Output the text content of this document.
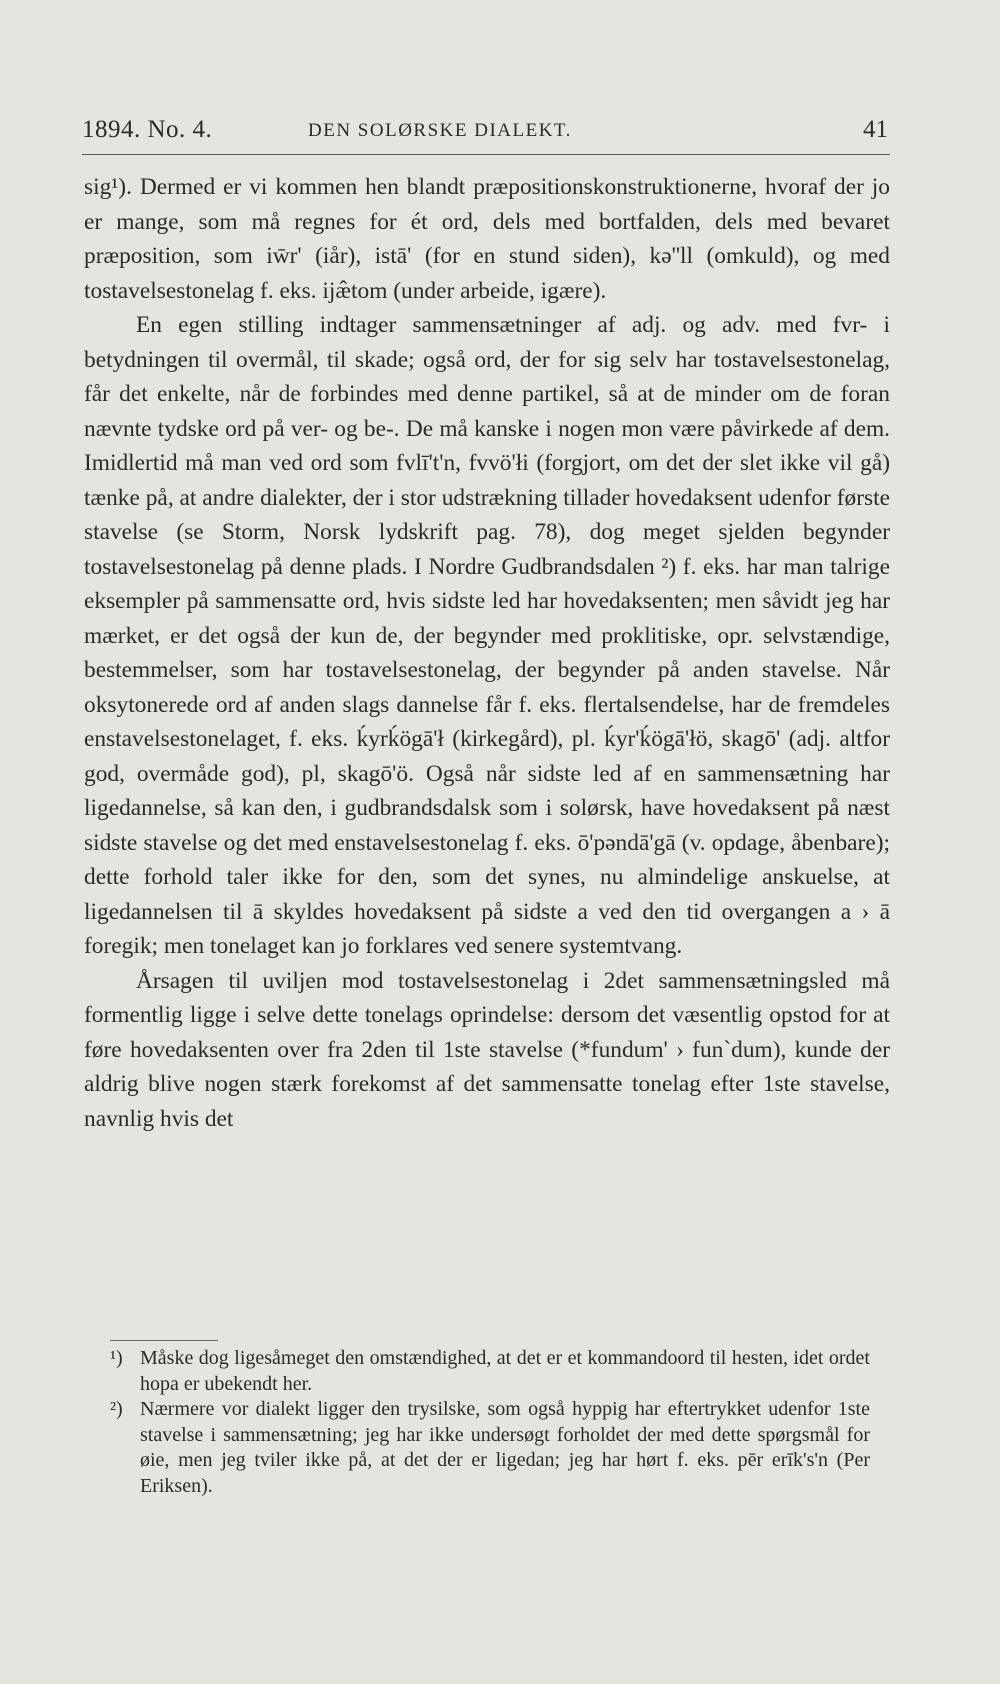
1894. No. 4.	DEN SOLØRSKE DIALEKT.	41

sig¹). Dermed er vi kommen hen blandt præpositionskonstruktionerne, hvoraf der jo er mange, som må regnes for ét ord, dels med bortfalden, dels med bevaret præposition, som iw̄r' (iår), istā' (for en stund siden), kə''ll (omkuld), og med tostavelsestonelag f. eks. ijæ̂tom (under arbeide, igære).

En egen stilling indtager sammensætninger af adj. og adv. med fvr- i betydningen til overmål, til skade; også ord, der for sig selv har tostavelsestonelag, får det enkelte, når de forbindes med denne partikel, så at de minder om de foran nævnte tydske ord på ver- og be-. De må kanske i nogen mon være påvirkede af dem. Imidlertid må man ved ord som fvlī't'n, fvvö'łi (forgjort, om det der slet ikke vil gå) tænke på, at andre dialekter, der i stor udstrækning tillader hovedaksent udenfor første stavelse (se Storm, Norsk lydskrift pag. 78), dog meget sjelden begynder tostavelsestonelag på denne plads. I Nordre Gudbrandsdalen ²) f. eks. har man talrige eksempler på sammensatte ord, hvis sidste led har hovedaksenten; men såvidt jeg har mærket, er det også der kun de, der begynder med proklitiske, opr. selvstændige, bestemmelser, som har tostavelsestonelag, der begynder på anden stavelse. Når oksytonerede ord af anden slags dannelse får f. eks. flertalsendelse, har de fremdeles enstavelsestonelaget, f. eks. ḱyrḱögā'ł (kirkegård), pl. ḱyr'ḱögā'łö, skagō' (adj. altfor god, overmåde god), pl, skagō'ö. Også når sidste led af en sammensætning har ligedannelse, så kan den, i gudbrandsdalsk som i solørsk, have hovedaksent på næst sidste stavelse og det med enstavelsestonelag f. eks. ō'pəndā'gā (v. opdage, åbenbare); dette forhold taler ikke for den, som det synes, nu almindelige anskuelse, at ligedannelsen til ā skyldes hovedaksent på sidste a ved den tid overgangen a › ā foregik; men tonelaget kan jo forklares ved senere systemtvang.

Årsagen til uviljen mod tostavelsestonelag i 2det sammensætningsled må formentlig ligge i selve dette tonelags oprindelse: dersom det væsentlig opstod for at føre hovedaksenten over fra 2den til 1ste stavelse (*fundum' › fun`dum), kunde der aldrig blive nogen stærk forekomst af det sammensatte tonelag efter 1ste stavelse, navnlig hvis det

¹) Måske dog ligesåmeget den omstændighed, at det er et kommandoord til hesten, idet ordet hopa er ubekendt her.
²) Nærmere vor dialekt ligger den trysilske, som også hyppig har eftertrykket udenfor 1ste stavelse i sammensætning; jeg har ikke undersøgt forholdet der med dette spørgsmål for øie, men jeg tviler ikke på, at det der er ligedan; jeg har hørt f. eks. pēr erīk's'n (Per Eriksen).
